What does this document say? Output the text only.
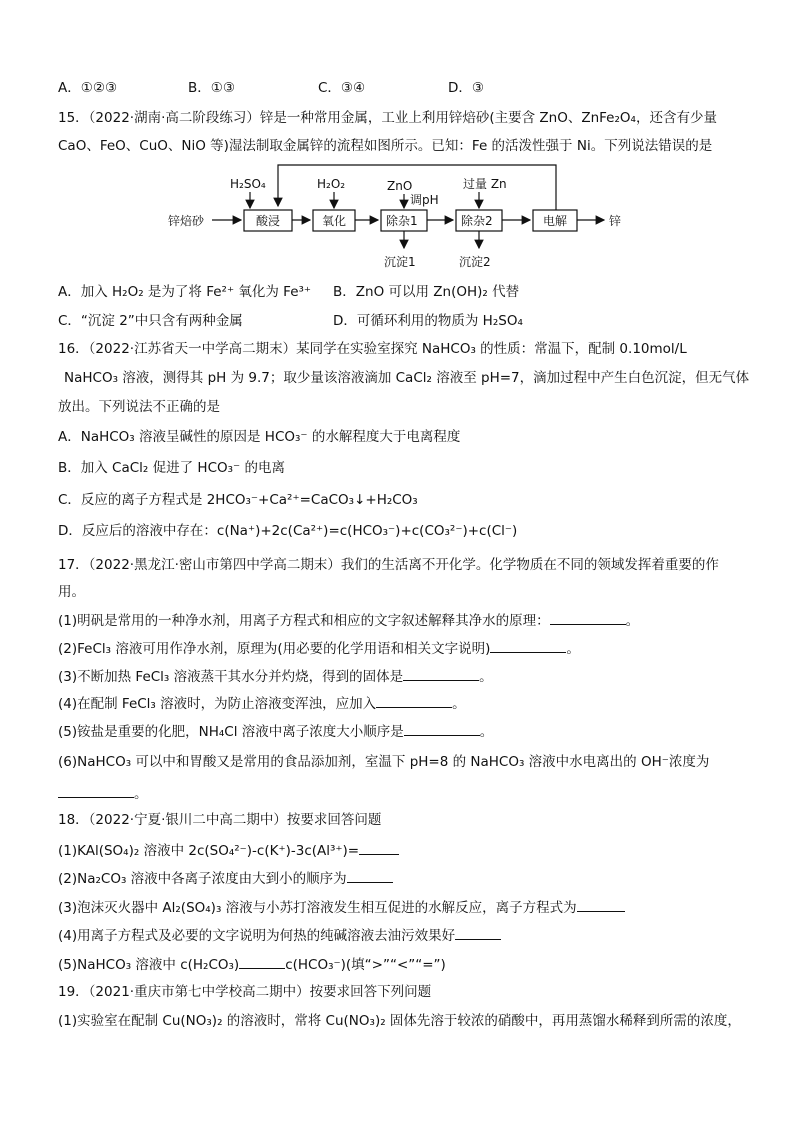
A．①②③	B．①③	C．③④	D．③
15．（2022·湖南·高二阶段练习）锌是一种常用金属，工业上利用锌焙砂(主要含 ZnO、ZnFe₂O₄，还含有少量
CaO、FeO、CuO、NiO 等)湿法制取金属锌的流程如图所示。已知：Fe 的活泼性强于 Ni。下列说法错误的是
锌焙砂	酸浸	氧化	除杂1	除杂2	电解	锌
H₂SO₄	H₂O₂	ZnO
调pH
过量 Zn
沉淀1	沉淀2
A．加入 H₂O₂ 是为了将 Fe²⁺ 氧化为 Fe³⁺ B．ZnO 可以用 Zn(OH)₂ 代替
C．“沉淀 2”中只含有两种金属	D．可循环利用的物质为 H₂SO₄
16．（2022·江苏省天一中学高二期末）某同学在实验室探究 NaHCO₃ 的性质：常温下，配制 0.10mol/L
NaHCO₃ 溶液，测得其 pH 为 9.7；取少量该溶液滴加 CaCl₂ 溶液至 pH=7，滴加过程中产生白色沉淀，但无气体
放出。下列说法不正确的是
A．NaHCO₃ 溶液呈碱性的原因是 HCO₃⁻ 的水解程度大于电离程度
B．加入 CaCl₂ 促进了 HCO₃⁻ 的电离
C．反应的离子方程式是 2HCO₃⁻+Ca²⁺=CaCO₃↓+H₂CO₃
D．反应后的溶液中存在：c(Na⁺)+2c(Ca²⁺)=c(HCO₃⁻)+c(CO₃²⁻)+c(Cl⁻)
17．（2022·黑龙江·密山市第四中学高二期末）我们的生活离不开化学。化学物质在不同的领域发挥着重要的作
用。
(1)明矾是常用的一种净水剂，用离子方程式和相应的文字叙述解释其净水的原理：	。
(2)FeCl₃ 溶液可用作净水剂，原理为(用必要的化学用语和相关文字说明)	。
(3)不断加热 FeCl₃ 溶液蒸干其水分并灼烧，得到的固体是	。
(4)在配制 FeCl₃ 溶液时，为防止溶液变浑浊，应加入	。
(5)铵盐是重要的化肥，NH₄Cl 溶液中离子浓度大小顺序是	。
(6)NaHCO₃ 可以中和胃酸又是常用的食品添加剂，室温下 pH=8 的 NaHCO₃ 溶液中水电离出的 OH⁻浓度为
。
18．（2022·宁夏·银川二中高二期中）按要求回答问题
(1)KAl(SO₄)₂ 溶液中 2c(SO₄²⁻)-c(K⁺)-3c(Al³⁺)=
(2)Na₂CO₃ 溶液中各离子浓度由大到小的顺序为
(3)泡沫灭火器中 Al₂(SO₄)₃ 溶液与小苏打溶液发生相互促进的水解反应，离子方程式为
(4)用离子方程式及必要的文字说明为何热的纯碱溶液去油污效果好
(5)NaHCO₃ 溶液中 c(H₂CO₃)	c(HCO₃⁻)(填“>”“<”“=”)
19．（2021·重庆市第七中学校高二期中）按要求回答下列问题
(1)实验室在配制 Cu(NO₃)₂ 的溶液时，常将 Cu(NO₃)₂ 固体先溶于较浓的硝酸中，再用蒸馏水稀释到所需的浓度，
